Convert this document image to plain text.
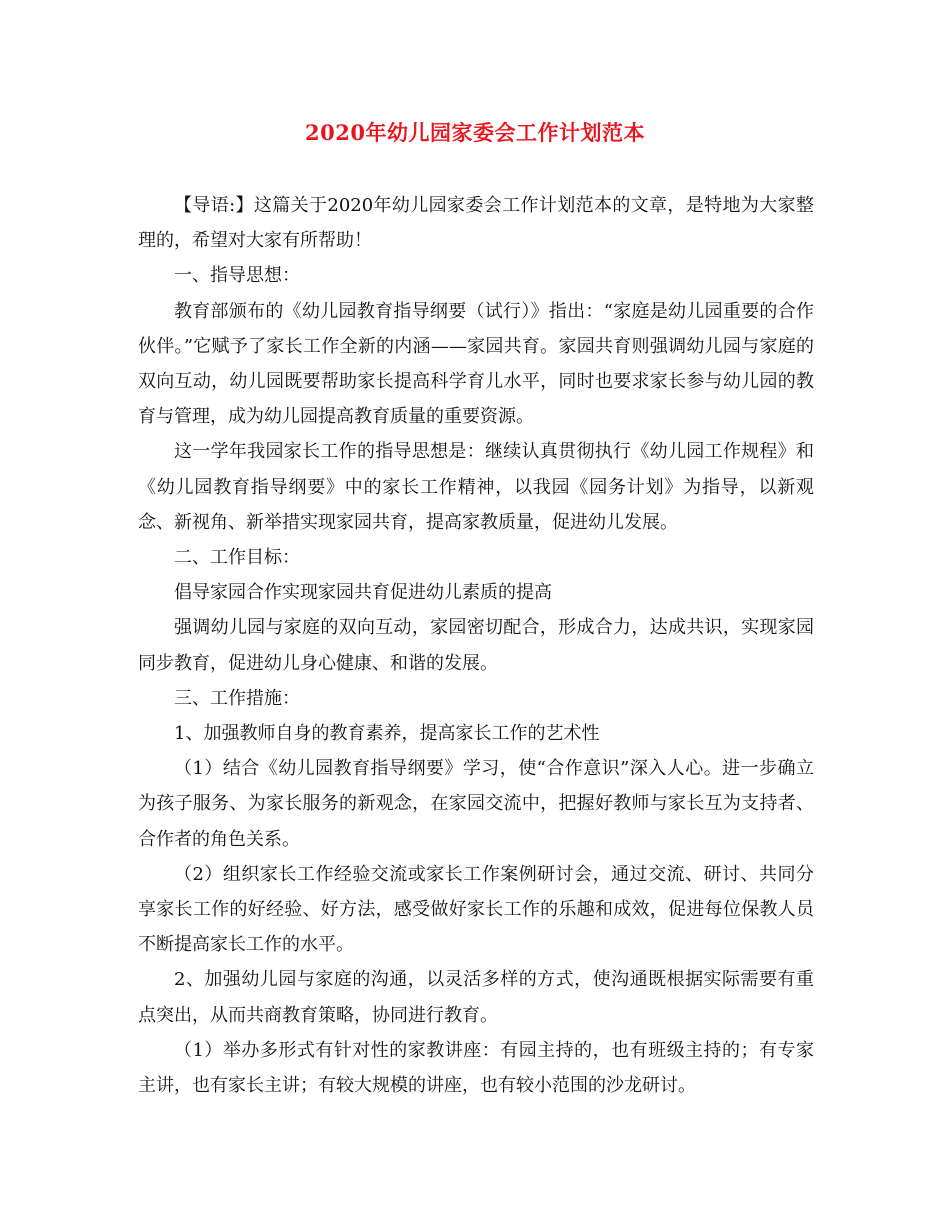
2020年幼儿园家委会工作计划范本

【导语:】这篇关于2020年幼儿园家委会工作计划范本的文章，是特地为大家整理的，希望对大家有所帮助！

一、指导思想：

教育部颁布的《幼儿园教育指导纲要（试行）》指出：“家庭是幼儿园重要的合作伙伴。”它赋予了家长工作全新的内涵——家园共育。家园共育则强调幼儿园与家庭的双向互动，幼儿园既要帮助家长提高科学育儿水平，同时也要求家长参与幼儿园的教育与管理，成为幼儿园提高教育质量的重要资源。

这一学年我园家长工作的指导思想是：继续认真贯彻执行《幼儿园工作规程》和《幼儿园教育指导纲要》中的家长工作精神，以我园《园务计划》为指导，以新观念、新视角、新举措实现家园共育，提高家教质量，促进幼儿发展。

二、工作目标：

倡导家园合作实现家园共育促进幼儿素质的提高

强调幼儿园与家庭的双向互动，家园密切配合，形成合力，达成共识，实现家园同步教育，促进幼儿身心健康、和谐的发展。

三、工作措施：

1、加强教师自身的教育素养，提高家长工作的艺术性

（1）结合《幼儿园教育指导纲要》学习，使“合作意识”深入人心。进一步确立为孩子服务、为家长服务的新观念，在家园交流中，把握好教师与家长互为支持者、合作者的角色关系。

（2）组织家长工作经验交流或家长工作案例研讨会，通过交流、研讨、共同分享家长工作的好经验、好方法，感受做好家长工作的乐趣和成效，促进每位保教人员不断提高家长工作的水平。

2、加强幼儿园与家庭的沟通，以灵活多样的方式，使沟通既根据实际需要有重点突出，从而共商教育策略，协同进行教育。

（1）举办多形式有针对性的家教讲座：有园主持的，也有班级主持的；有专家主讲，也有家长主讲；有较大规模的讲座，也有较小范围的沙龙研讨。
